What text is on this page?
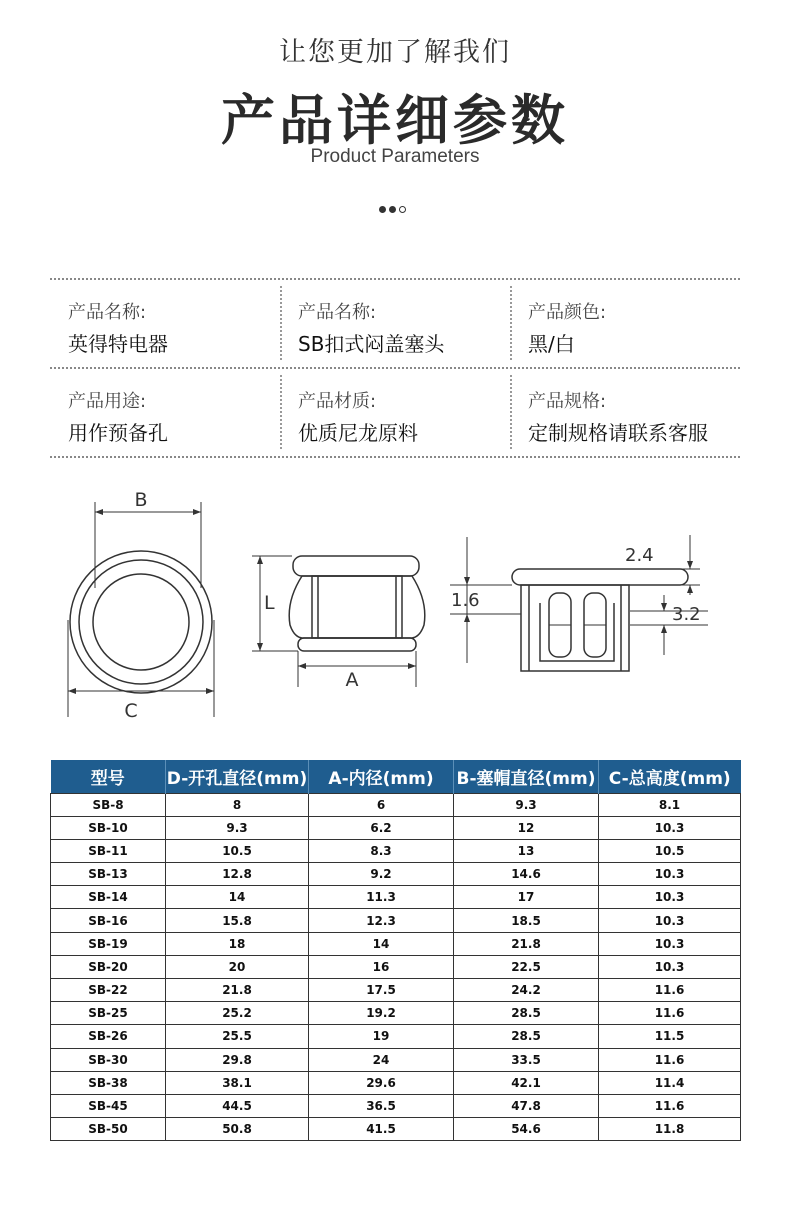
让您更加了解我们
产品详细参数
Product Parameters
产品名称:
英得特电器
产品名称:
SB扣式闷盖塞头
产品颜色:
黑/白
产品用途:
用作预备孔
产品材质:
优质尼龙原料
产品规格:
定制规格请联系客服
B
C
L
A
2.4
1.6
3.2
型号	D-开孔直径(mm)	A-内径(mm)	B-塞帽直径(mm)	C-总高度(mm)
SB-8	8	6	9.3	8.1
SB-10	9.3	6.2	12	10.3
SB-11	10.5	8.3	13	10.5
SB-13	12.8	9.2	14.6	10.3
SB-14	14	11.3	17	10.3
SB-16	15.8	12.3	18.5	10.3
SB-19	18	14	21.8	10.3
SB-20	20	16	22.5	10.3
SB-22	21.8	17.5	24.2	11.6
SB-25	25.2	19.2	28.5	11.6
SB-26	25.5	19	28.5	11.5
SB-30	29.8	24	33.5	11.6
SB-38	38.1	29.6	42.1	11.4
SB-45	44.5	36.5	47.8	11.6
SB-50	50.8	41.5	54.6	11.8
